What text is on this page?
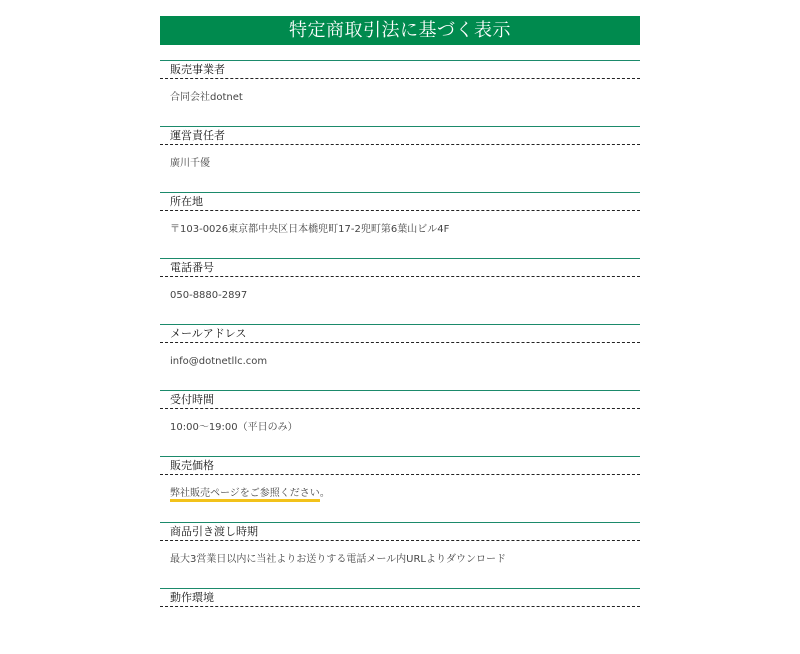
特定商取引法に基づく表示
販売事業者
合同会社dotnet
運営責任者
廣川千優
所在地
〒103-0026東京都中央区日本橋兜町17-2兜町第6葉山ビル4F
電話番号
050-8880-2897
メールアドレス
info@dotnetllc.com
受付時間
10:00〜19:00（平日のみ）
販売価格
弊社販売ページをご参照ください。
商品引き渡し時期
最大3営業日以内に当社よりお送りする電話メール内URLよりダウンロード
動作環境
